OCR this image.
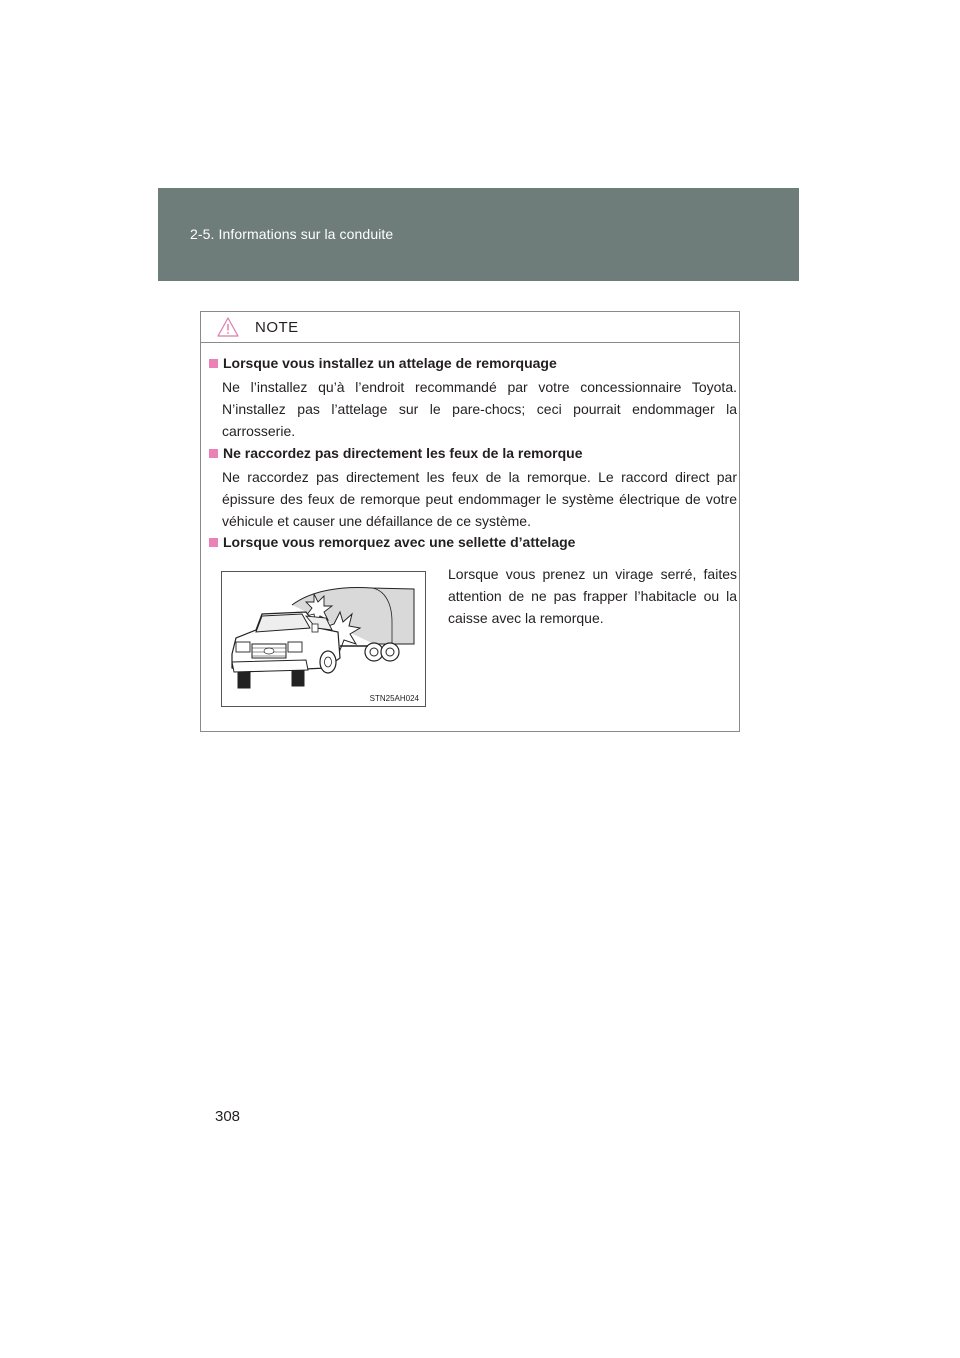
2-5. Informations sur la conduite
NOTE
Lorsque vous installez un attelage de remorquage
Ne l’installez qu’à l’endroit recommandé par votre concessionnaire Toyota. N’installez pas l’attelage sur le pare-chocs; ceci pourrait endommager la carrosserie.
Ne raccordez pas directement les feux de la remorque
Ne raccordez pas directement les feux de la remorque. Le raccord direct par épissure des feux de remorque peut endommager le système électrique de votre véhicule et causer une défaillance de ce système.
Lorsque vous remorquez avec une sellette d’attelage
STN25AH024
Lorsque vous prenez un virage serré, faites attention de ne pas frapper l’habitacle ou la caisse avec la remorque.
308
